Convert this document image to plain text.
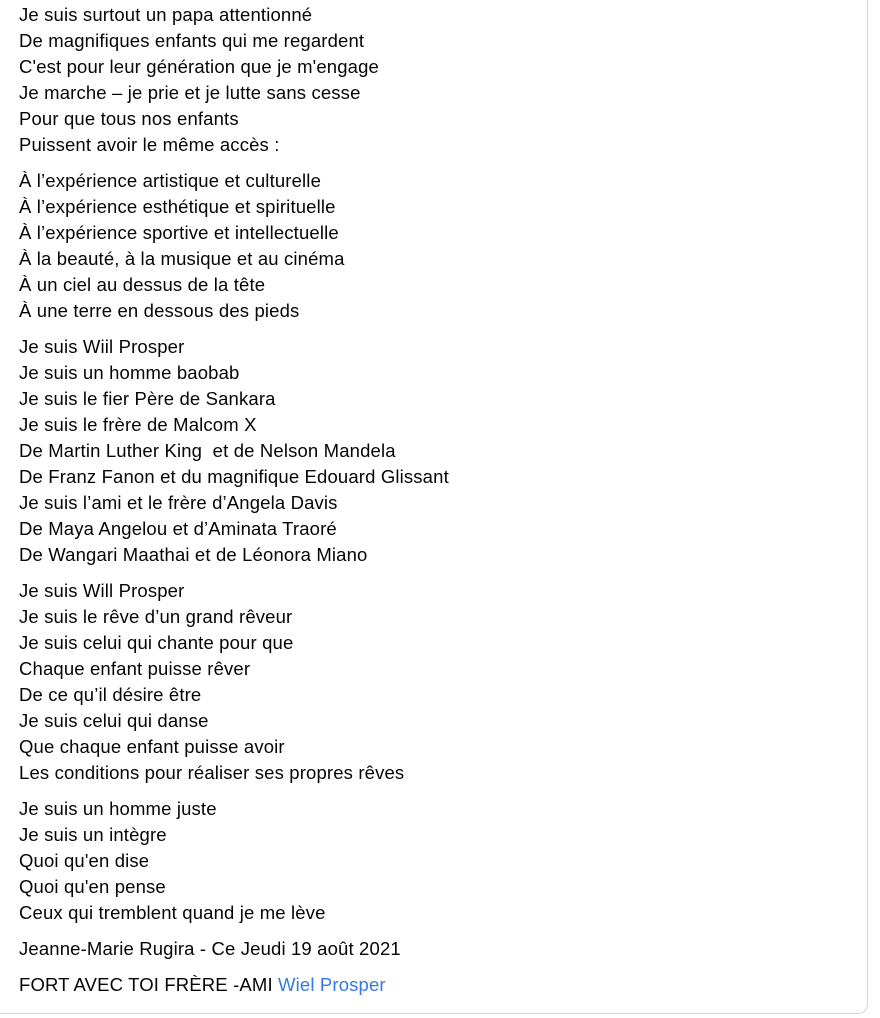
Je suis surtout un papa attentionné
De magnifiques enfants qui me regardent
C'est pour leur génération que je m'engage
Je marche – je prie et je lutte sans cesse
Pour que tous nos enfants
Puissent avoir le même accès :
À l’expérience artistique et culturelle
À l’expérience esthétique et spirituelle
À l’expérience sportive et intellectuelle
À la beauté, à la musique et au cinéma
À un ciel au dessus de la tête
À une terre en dessous des pieds
Je suis Wiil Prosper
Je suis un homme baobab
Je suis le fier Père de Sankara
Je suis le frère de Malcom X
De Martin Luther King  et de Nelson Mandela
De Franz Fanon et du magnifique Edouard Glissant
Je suis l’ami et le frère d’Angela Davis
De Maya Angelou et d’Aminata Traoré
De Wangari Maathai et de Léonora Miano
Je suis Will Prosper
Je suis le rêve d’un grand rêveur
Je suis celui qui chante pour que
Chaque enfant puisse rêver
De ce qu’il désire être
Je suis celui qui danse
Que chaque enfant puisse avoir
Les conditions pour réaliser ses propres rêves
Je suis un homme juste
Je suis un intègre
Quoi qu'en dise
Quoi qu'en pense
Ceux qui tremblent quand je me lève
Jeanne-Marie Rugira - Ce Jeudi 19 août 2021
FORT AVEC TOI FRÈRE -AMI Wiel Prosper
